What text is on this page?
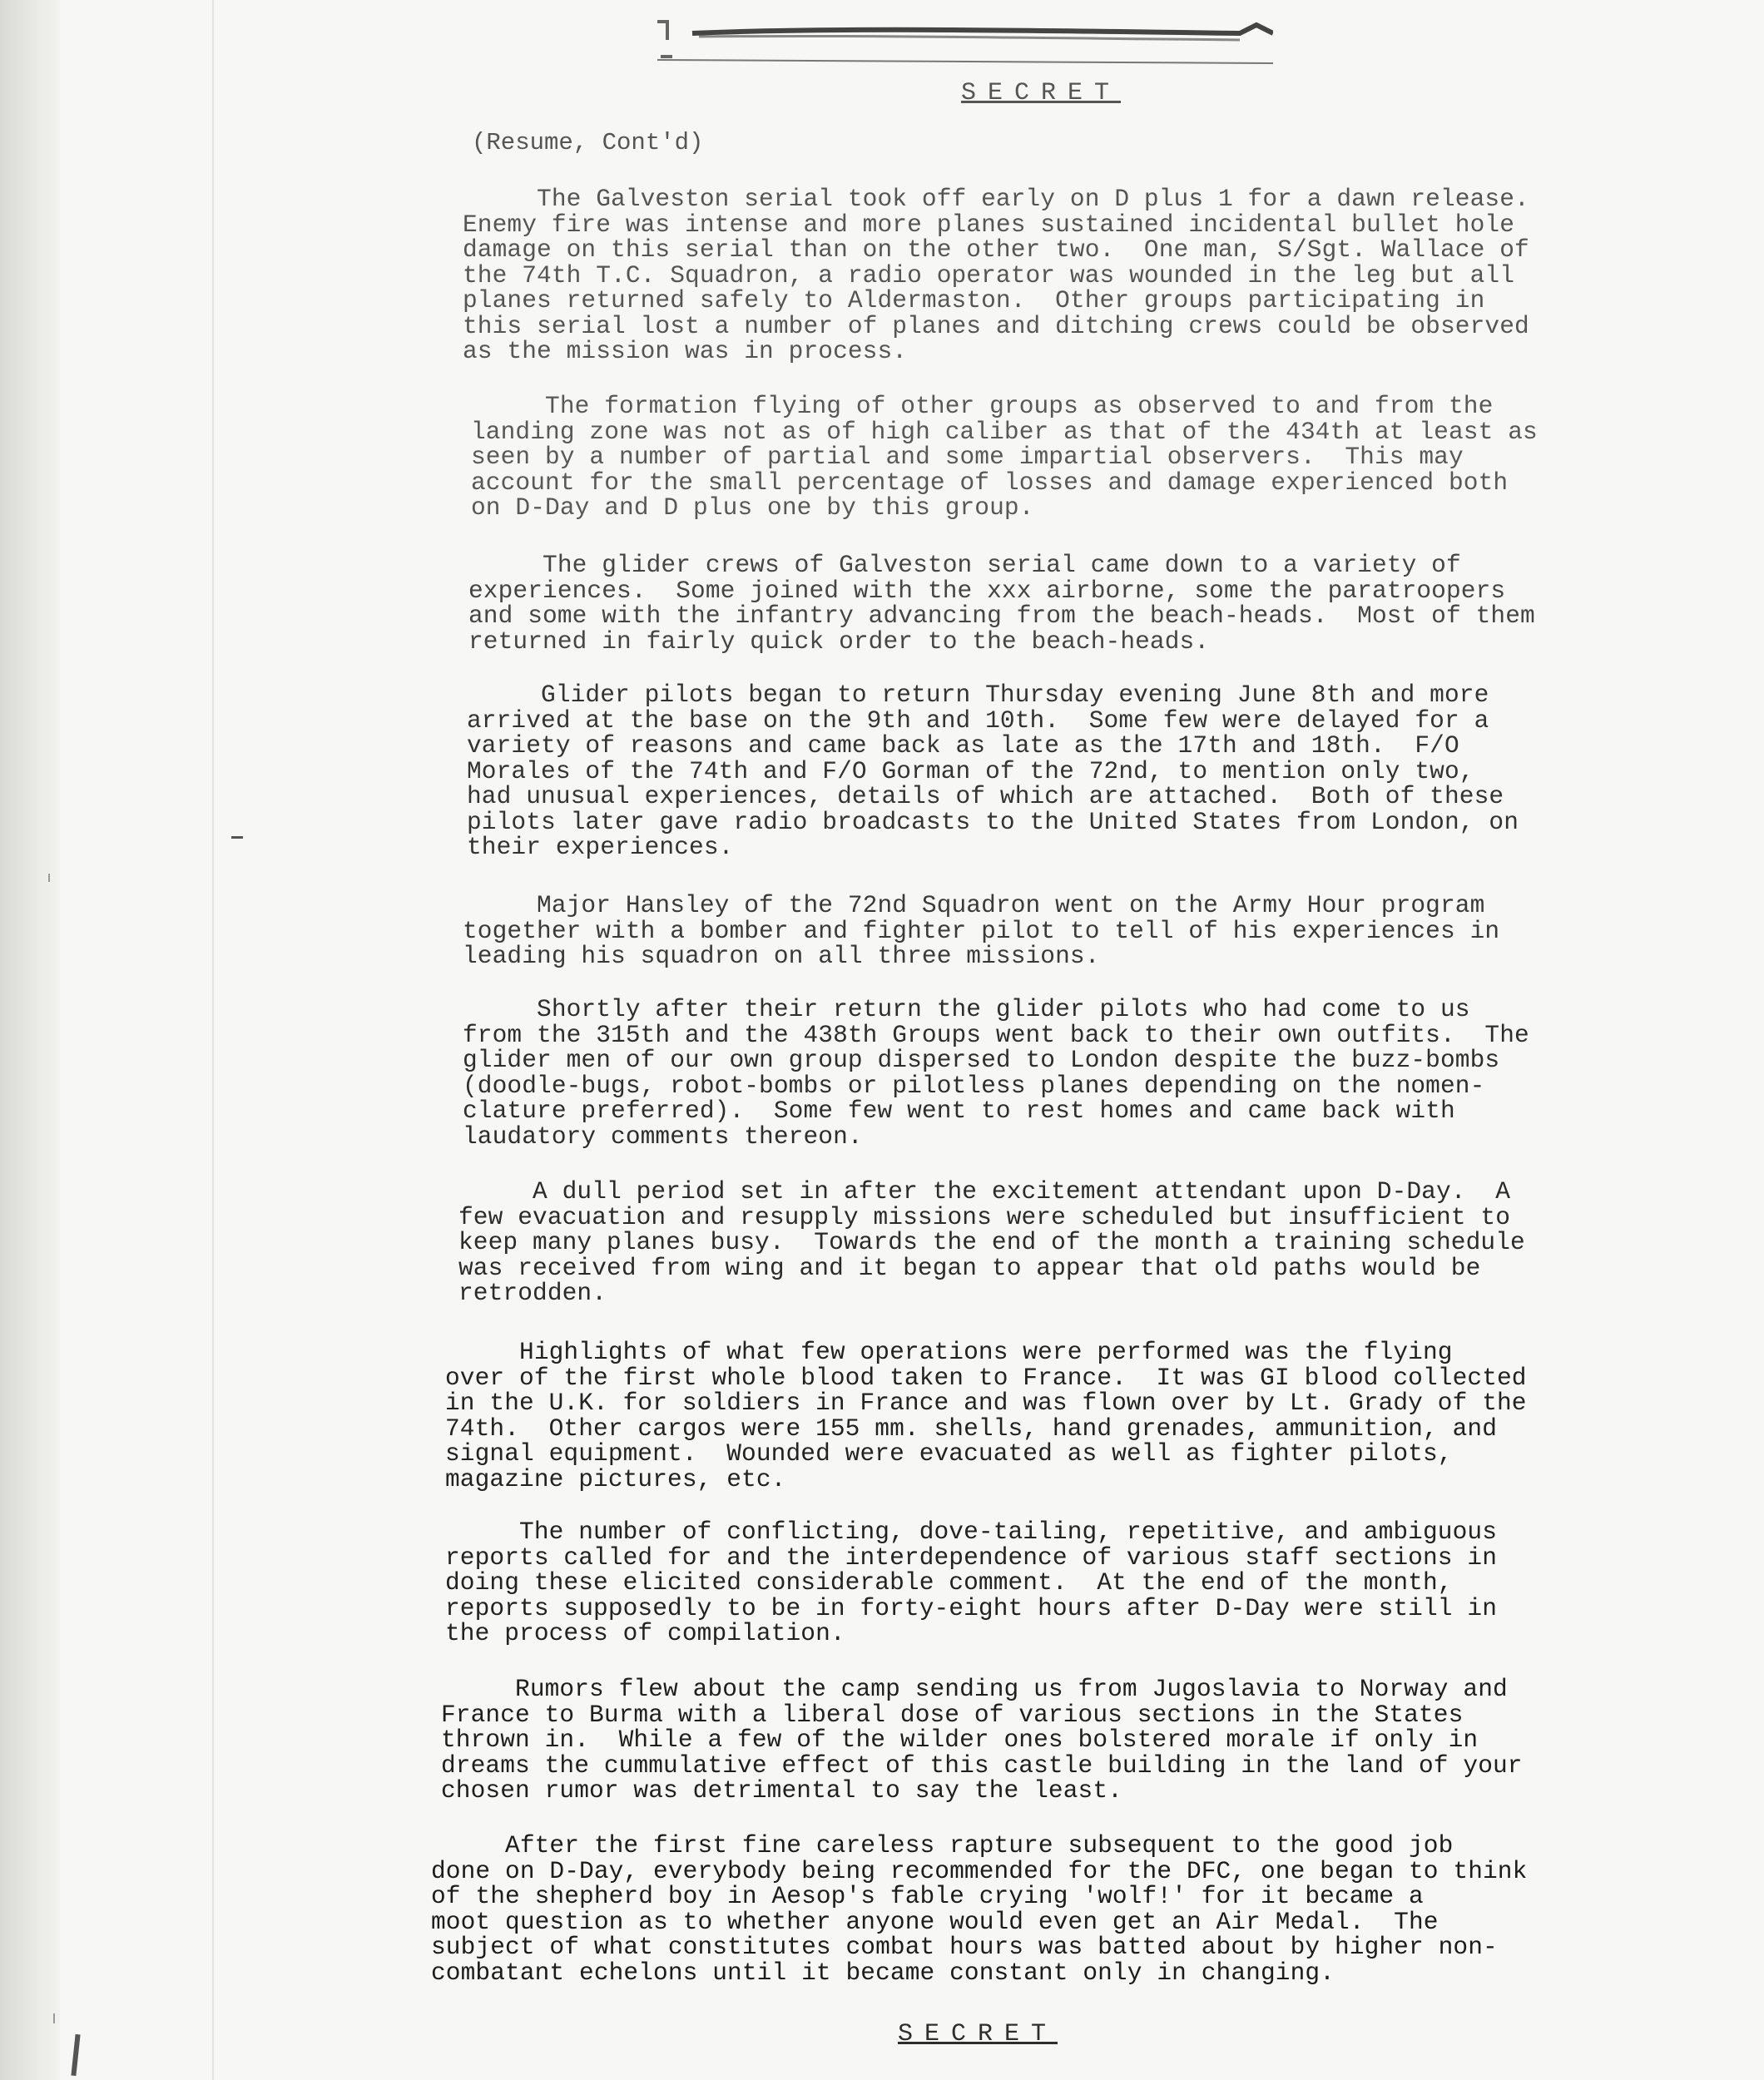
SECRET
(Resume, Cont'd)
The Galveston serial took off early on D plus 1 for a dawn release.
Enemy fire was intense and more planes sustained incidental bullet hole
damage on this serial than on the other two.  One man, S/Sgt. Wallace of
the 74th T.C. Squadron, a radio operator was wounded in the leg but all
planes returned safely to Aldermaston.  Other groups participating in
this serial lost a number of planes and ditching crews could be observed
as the mission was in process.
The formation flying of other groups as observed to and from the
landing zone was not as of high caliber as that of the 434th at least as
seen by a number of partial and some impartial observers.  This may
account for the small percentage of losses and damage experienced both
on D-Day and D plus one by this group.
The glider crews of Galveston serial came down to a variety of
experiences.  Some joined with the xxx airborne, some the paratroopers
and some with the infantry advancing from the beach-heads.  Most of them
returned in fairly quick order to the beach-heads.
Glider pilots began to return Thursday evening June 8th and more
arrived at the base on the 9th and 10th.  Some few were delayed for a
variety of reasons and came back as late as the 17th and 18th.  F/O
Morales of the 74th and F/O Gorman of the 72nd, to mention only two,
had unusual experiences, details of which are attached.  Both of these
pilots later gave radio broadcasts to the United States from London, on
their experiences.
Major Hansley of the 72nd Squadron went on the Army Hour program
together with a bomber and fighter pilot to tell of his experiences in
leading his squadron on all three missions.
Shortly after their return the glider pilots who had come to us
from the 315th and the 438th Groups went back to their own outfits.  The
glider men of our own group dispersed to London despite the buzz-bombs
(doodle-bugs, robot-bombs or pilotless planes depending on the nomen-
clature preferred).  Some few went to rest homes and came back with
laudatory comments thereon.
A dull period set in after the excitement attendant upon D-Day.  A
few evacuation and resupply missions were scheduled but insufficient to
keep many planes busy.  Towards the end of the month a training schedule
was received from wing and it began to appear that old paths would be
retrodden.
Highlights of what few operations were performed was the flying
over of the first whole blood taken to France.  It was GI blood collected
in the U.K. for soldiers in France and was flown over by Lt. Grady of the
74th.  Other cargos were 155 mm. shells, hand grenades, ammunition, and
signal equipment.  Wounded were evacuated as well as fighter pilots,
magazine pictures, etc.
The number of conflicting, dove-tailing, repetitive, and ambiguous
reports called for and the interdependence of various staff sections in
doing these elicited considerable comment.  At the end of the month,
reports supposedly to be in forty-eight hours after D-Day were still in
the process of compilation.
Rumors flew about the camp sending us from Jugoslavia to Norway and
France to Burma with a liberal dose of various sections in the States
thrown in.  While a few of the wilder ones bolstered morale if only in
dreams the cummulative effect of this castle building in the land of your
chosen rumor was detrimental to say the least.
After the first fine careless rapture subsequent to the good job
done on D-Day, everybody being recommended for the DFC, one began to think
of the shepherd boy in Aesop's fable crying 'wolf!' for it became a
moot question as to whether anyone would even get an Air Medal.  The
subject of what constitutes combat hours was batted about by higher non-
combatant echelons until it became constant only in changing.
SECRET
